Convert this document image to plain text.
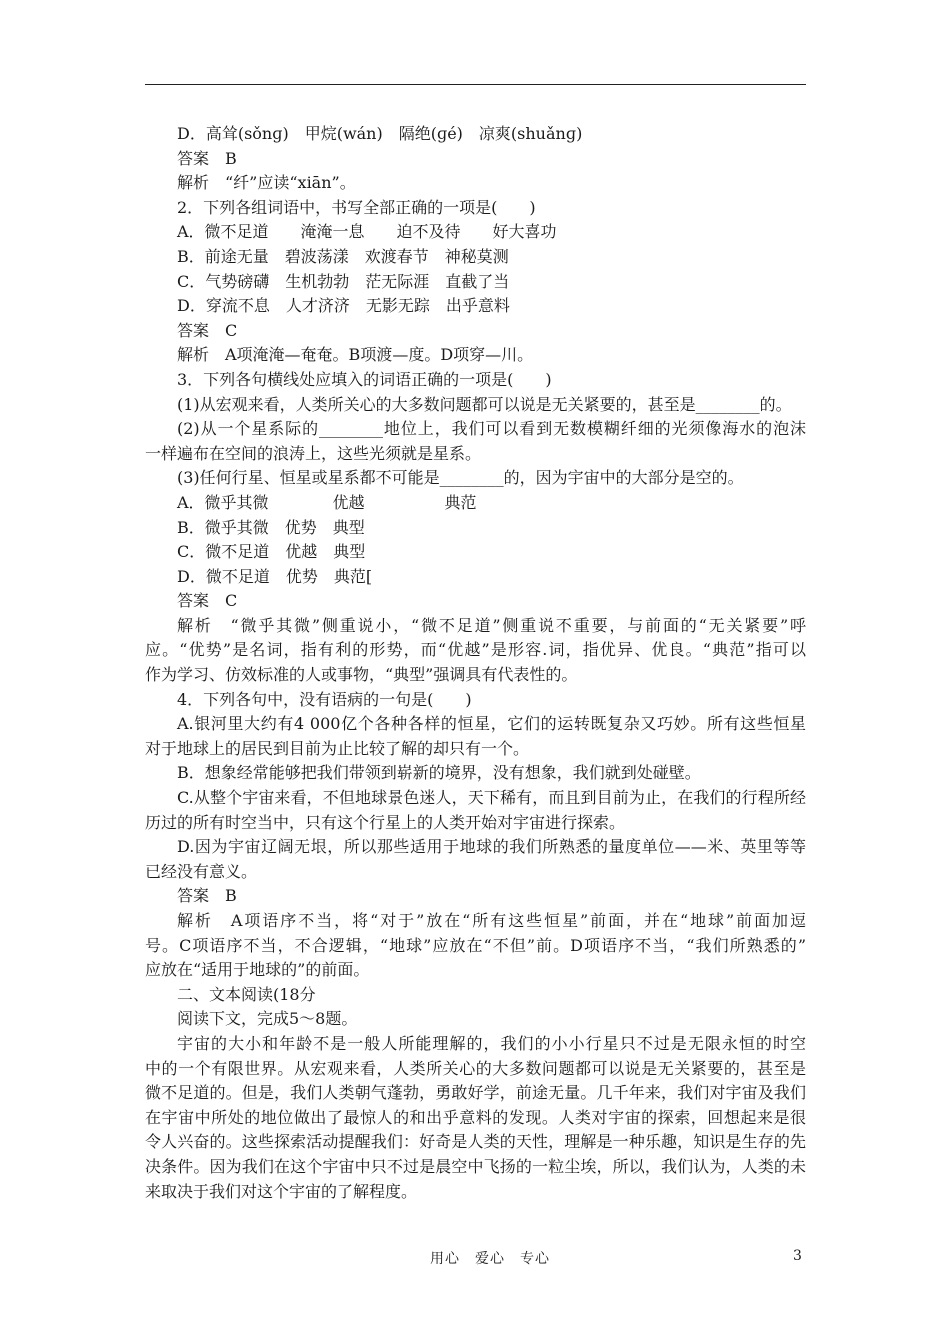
D．高耸(sǒnɡ)　甲烷(wán)　隔绝(ɡé)　凉爽(shuǎnɡ)
答案　B
解析　“纤”应读“xiān”。
2．下列各组词语中，书写全部正确的一项是(　　)
A．微不足道　　淹淹一息　　迫不及待　　好大喜功
B．前途无量　碧波荡漾　欢渡春节　神秘莫测
C．气势磅礴　生机勃勃　茫无际涯　直截了当
D．穿流不息　人才济济　无影无踪　出乎意料
答案　C
解析　A项淹淹—奄奄。B项渡—度。D项穿—川。
3．下列各句横线处应填入的词语正确的一项是(　　)
(1)从宏观来看，人类所关心的大多数问题都可以说是无关紧要的，甚至是________的。
(2)从一个星系际的________地位上，我们可以看到无数模糊纤细的光须像海水的泡沫
一样遍布在空间的浪涛上，这些光须就是星系。
(3)任何行星、恒星或星系都不可能是________的，因为宇宙中的大部分是空的。
A．微乎其微　　　　优越　　　　　典范
B．微乎其微　优势　典型
C．微不足道　优越　典型
D．微不足道　优势　典范[
答案　C
解析　“微乎其微”侧重说小，“微不足道”侧重说不重要，与前面的“无关紧要”呼
应。“优势”是名词，指有利的形势，而“优越”是形容.词，指优异、优良。“典范”指可以
作为学习、仿效标准的人或事物，“典型”强调具有代表性的。
4．下列各句中，没有语病的一句是(　　)
A.银河里大约有4 000亿个各种各样的恒星，它们的运转既复杂又巧妙。所有这些恒星
对于地球上的居民到目前为止比较了解的却只有一个。
B．想象经常能够把我们带领到崭新的境界，没有想象，我们就到处碰壁。
C.从整个宇宙来看，不但地球景色迷人，天下稀有，而且到目前为止，在我们的行程所经
历过的所有时空当中，只有这个行星上的人类开始对宇宙进行探索。
D.因为宇宙辽阔无垠，所以那些适用于地球的我们所熟悉的量度单位——米、英里等等
已经没有意义。
答案　B
解析　A项语序不当，将“对于”放在“所有这些恒星”前面，并在“地球”前面加逗
号。C项语序不当，不合逻辑，“地球”应放在“不但”前。D项语序不当，“我们所熟悉的”
应放在“适用于地球的”的前面。
二、文本阅读(18分
阅读下文，完成5～8题。
宇宙的大小和年龄不是一般人所能理解的，我们的小小行星只不过是无限永恒的时空
中的一个有限世界。从宏观来看，人类所关心的大多数问题都可以说是无关紧要的，甚至是
微不足道的。但是，我们人类朝气蓬勃，勇敢好学，前途无量。几千年来，我们对宇宙及我们
在宇宙中所处的地位做出了最惊人的和出乎意料的发现。人类对宇宙的探索，回想起来是很
令人兴奋的。这些探索活动提醒我们：好奇是人类的天性，理解是一种乐趣，知识是生存的先
决条件。因为我们在这个宇宙中只不过是晨空中飞扬的一粒尘埃，所以，我们认为，人类的未
来取决于我们对这个宇宙的了解程度。
用心　爱心　专心	3
